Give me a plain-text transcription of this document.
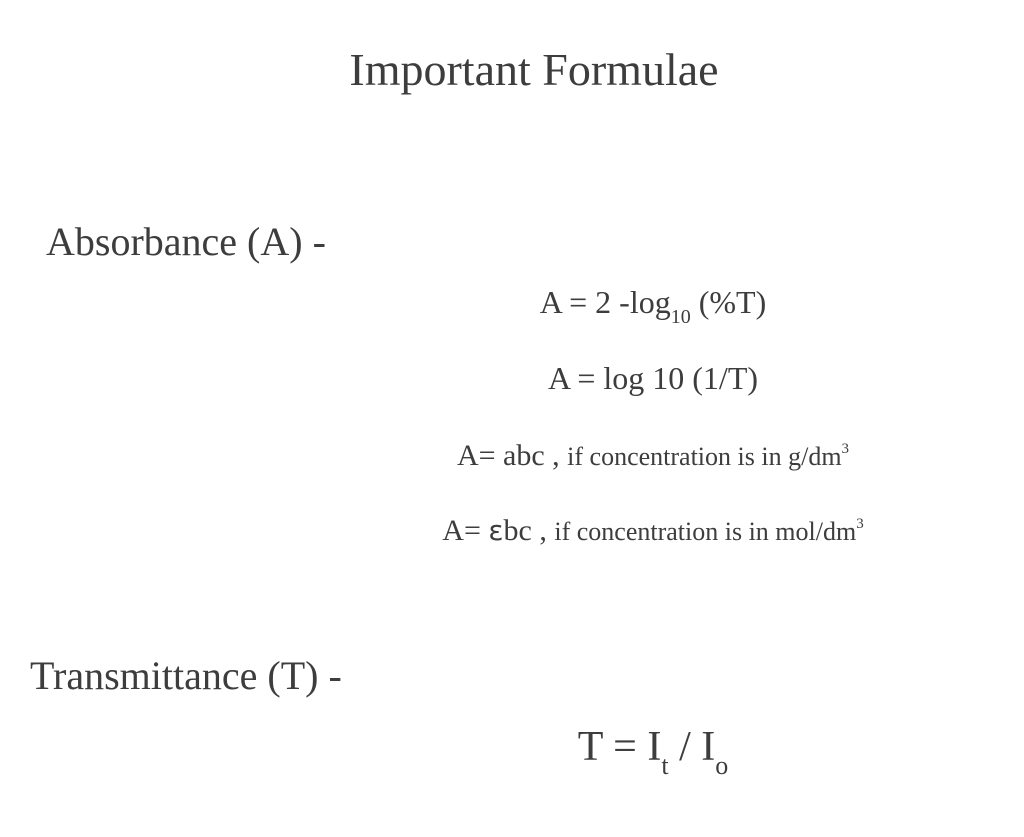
Important Formulae
Absorbance (A) -
A = 2 $-\log_{10}$ (%T)
A = log 10 (1/T)
A= abc , if concentration is in $g/dm^3$
A= εbc , if concentration is in mol/$dm^3$
Transmittance (T) -
$T = I_t / I_o$
